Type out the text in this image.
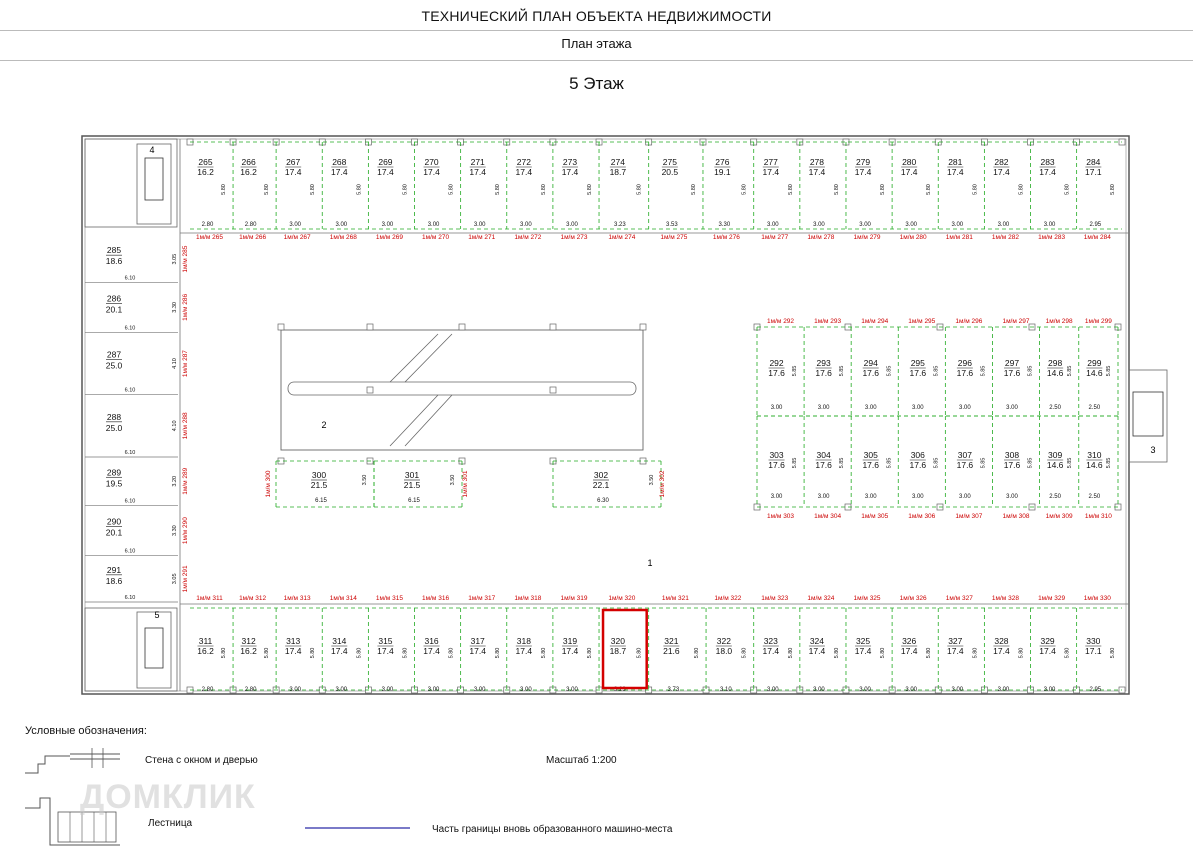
ТЕХНИЧЕСКИЙ ПЛАН ОБЪЕКТА НЕДВИЖИМОСТИ
План этажа
5 Этаж
265
16.2
2.80
5.80
1м/м 265
266
16.2
2.80
5.80
1м/м 266
267
17.4
3.00
5.80
1м/м 267
268
17.4
3.00
5.80
1м/м 268
269
17.4
3.00
5.80
1м/м 269
270
17.4
3.00
5.80
1м/м 270
271
17.4
3.00
5.80
1м/м 271
272
17.4
3.00
5.80
1м/м 272
273
17.4
3.00
5.80
1м/м 273
274
18.7
3.23
5.80
1м/м 274
275
20.5
3.53
5.80
1м/м 275
276
19.1
3.30
5.80
1м/м 276
277
17.4
3.00
5.80
1м/м 277
278
17.4
3.00
5.80
1м/м 278
279
17.4
3.00
5.80
1м/м 279
280
17.4
3.00
5.80
1м/м 280
281
17.4
3.00
5.80
1м/м 281
282
17.4
3.00
5.80
1м/м 282
283
17.4
3.00
5.80
1м/м 283
284
17.1
2.95
5.80
1м/м 284
311
16.2
2.80
5.80
1м/м 311
312
16.2
2.80
5.80
1м/м 312
313
17.4
3.00
5.80
1м/м 313
314
17.4
3.00
5.80
1м/м 314
315
17.4
3.00
5.80
1м/м 315
316
17.4
3.00
5.80
1м/м 316
317
17.4
3.00
5.80
1м/м 317
318
17.4
3.00
5.80
1м/м 318
319
17.4
3.00
5.80
1м/м 319
320
18.7
3.23
5.80
1м/м 320
321
21.6
3.73
5.80
1м/м 321
322
18.0
3.10
5.80
1м/м 322
323
17.4
3.00
5.80
1м/м 323
324
17.4
3.00
5.80
1м/м 324
325
17.4
3.00
5.80
1м/м 325
326
17.4
3.00
5.80
1м/м 326
327
17.4
3.00
5.80
1м/м 327
328
17.4
3.00
5.80
1м/м 328
329
17.4
3.00
5.80
1м/м 329
330
17.1
2.95
5.80
1м/м 330
285
18.6
6.10
3.05 1м/м 285
286
20.1
6.10
3.30 1м/м 286
287
25.0
6.10
4.10 1м/м 287
288
25.0
6.10
4.10 1м/м 288
289
19.5
6.10
3.20 1м/м 289
290
20.1
6.10
3.30 1м/м 290
291
18.6
6.10
3.05 1м/м 291
292
17.6
3.00
5.85
1м/м 292
293
17.6
3.00
5.85
1м/м 293
294
17.6
3.00
5.85
1м/м 294
295
17.6
3.00
5.85
1м/м 295
296
17.6
3.00
5.85
1м/м 296
297
17.6
3.00
5.85
1м/м 297
298
14.6
2.50
5.85
1м/м 298
299
14.6
2.50
5.85
1м/м 299
303
17.6
3.00
5.85
1м/м 303
304
17.6
3.00
5.85
1м/м 304
305
17.6
3.00
5.85
1м/м 305
306
17.6
3.00
5.85
1м/м 306
307
17.6
3.00
5.85
1м/м 307
308
17.6
3.00
5.85
1м/м 308
309
14.6
2.50
5.85
1м/м 309
310
14.6
2.50
5.85
1м/м 310
300
21.5
6.15
3.50
1м/м 300	301
21.5
6.15
3.50 1м/м 301	302
22.1
6.30
3.50 1м/м 302
4
5
3
2
1
ДОМКЛИК
Условные обозначения:
Стена с окном и дверью
Лестница
Масштаб 1:200
Часть границы вновь образованного машино-места
